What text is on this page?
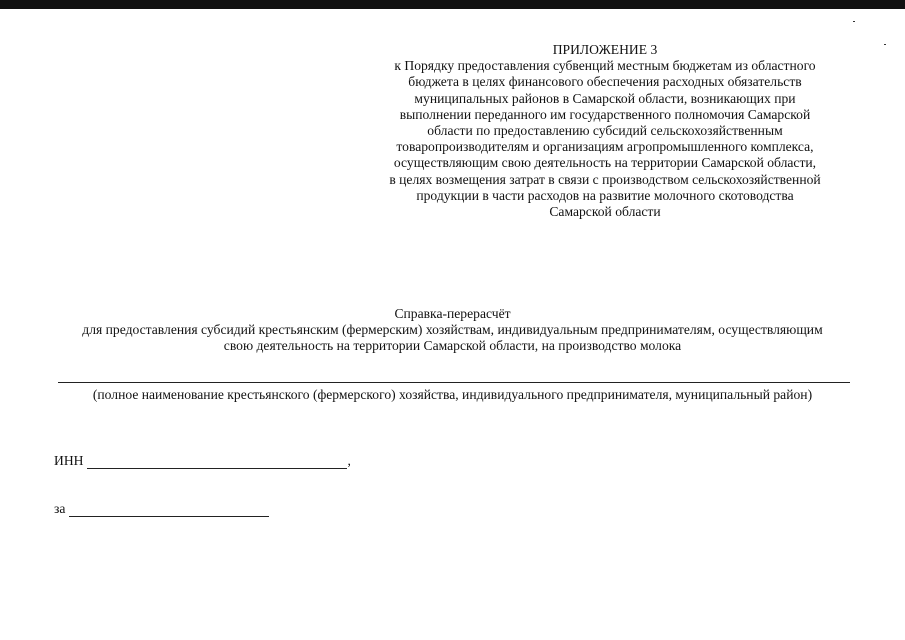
ПРИЛОЖЕНИЕ 3
к Порядку предоставления субвенций местным бюджетам из областного
бюджета в целях финансового обеспечения расходных обязательств
муниципальных районов в Самарской области, возникающих при
выполнении переданного им государственного полномочия Самарской
области по предоставлению субсидий сельскохозяйственным
товаропроизводителям и организациям агропромышленного комплекса,
осуществляющим свою деятельность на территории Самарской области,
в целях возмещения затрат в связи с производством сельскохозяйственной
продукции в части расходов на развитие молочного скотоводства
Самарской области
Справка-перерасчёт
для предоставления субсидий крестьянским (фермерским) хозяйствам, индивидуальным предпринимателям, осуществляющим
свою деятельность на территории Самарской области, на производство молока
(полное наименование крестьянского (фермерского) хозяйства, индивидуального предпринимателя, муниципальный район)
ИНН	,
за
